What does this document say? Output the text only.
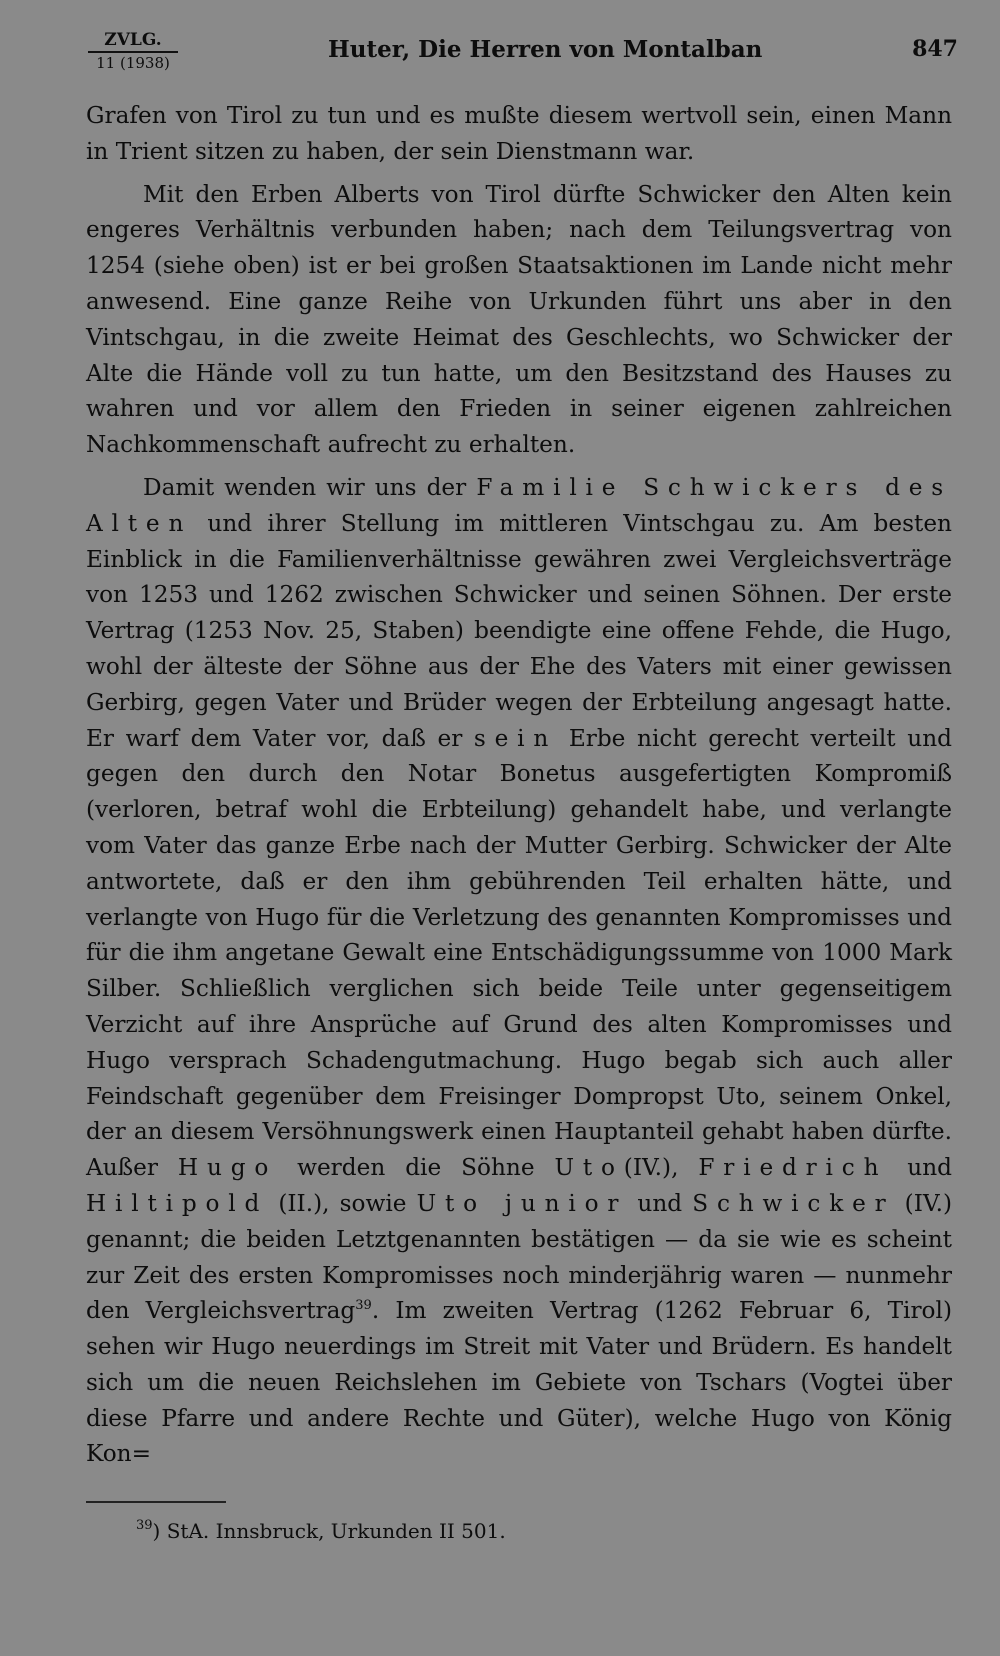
ZVLG.
11 (1938)	Huter, Die Herren von Montalban	847

Grafen von Tirol zu tun und es mußte diesem wertvoll sein, einen Mann in Trient sitzen zu haben, der sein Dienstmann war.

Mit den Erben Alberts von Tirol dürfte Schwicker den Alten kein engeres Verhältnis verbunden haben; nach dem Teilungsvertrag von 1254 (siehe oben) ist er bei großen Staatsaktionen im Lande nicht mehr anwesend. Eine ganze Reihe von Urkunden führt uns aber in den Vintschgau, in die zweite Heimat des Geschlechts, wo Schwicker der Alte die Hände voll zu tun hatte, um den Besitzstand des Hauses zu wahren und vor allem den Frieden in seiner eigenen zahlreichen Nachkommenschaft aufrecht zu erhalten.

Damit wenden wir uns der Familie Schwickers des Alten und ihrer Stellung im mittleren Vintschgau zu. Am besten Einblick in die Familienverhältnisse gewähren zwei Vergleichsverträge von 1253 und 1262 zwischen Schwicker und seinen Söhnen. Der erste Vertrag (1253 Nov. 25, Staben) beendigte eine offene Fehde, die Hugo, wohl der älteste der Söhne aus der Ehe des Vaters mit einer gewissen Gerbirg, gegen Vater und Brüder wegen der Erbteilung angesagt hatte. Er warf dem Vater vor, daß er sein Erbe nicht gerecht verteilt und gegen den durch den Notar Bonetus ausgefertigten Kompromiß (verloren, betraf wohl die Erbteilung) gehandelt habe, und verlangte vom Vater das ganze Erbe nach der Mutter Gerbirg. Schwicker der Alte antwortete, daß er den ihm gebührenden Teil erhalten hätte, und verlangte von Hugo für die Verletzung des genannten Kompromisses und für die ihm angetane Gewalt eine Entschädigungssumme von 1000 Mark Silber. Schließlich verglichen sich beide Teile unter gegenseitigem Verzicht auf ihre Ansprüche auf Grund des alten Kompromisses und Hugo versprach Schadengutmachung. Hugo begab sich auch aller Feindschaft gegenüber dem Freisinger Dompropst Uto, seinem Onkel, der an diesem Versöhnungswerk einen Hauptanteil gehabt haben dürfte. Außer Hugo werden die Söhne Uto(IV.), Friedrich und Hiltipold (II.), sowie Uto junior und Schwicker (IV.) genannt; die beiden Letztgenannten bestätigen — da sie wie es scheint zur Zeit des ersten Kompromisses noch minderjährig waren — nunmehr den Vergleichsvertrag$^{39}$. Im zweiten Vertrag (1262 Februar 6, Tirol) sehen wir Hugo neuerdings im Streit mit Vater und Brüdern. Es handelt sich um die neuen Reichslehen im Gebiete von Tschars (Vogtei über diese Pfarre und andere Rechte und Güter), welche Hugo von König Kon=

$^{39}$) StA. Innsbruck, Urkunden II 501.
